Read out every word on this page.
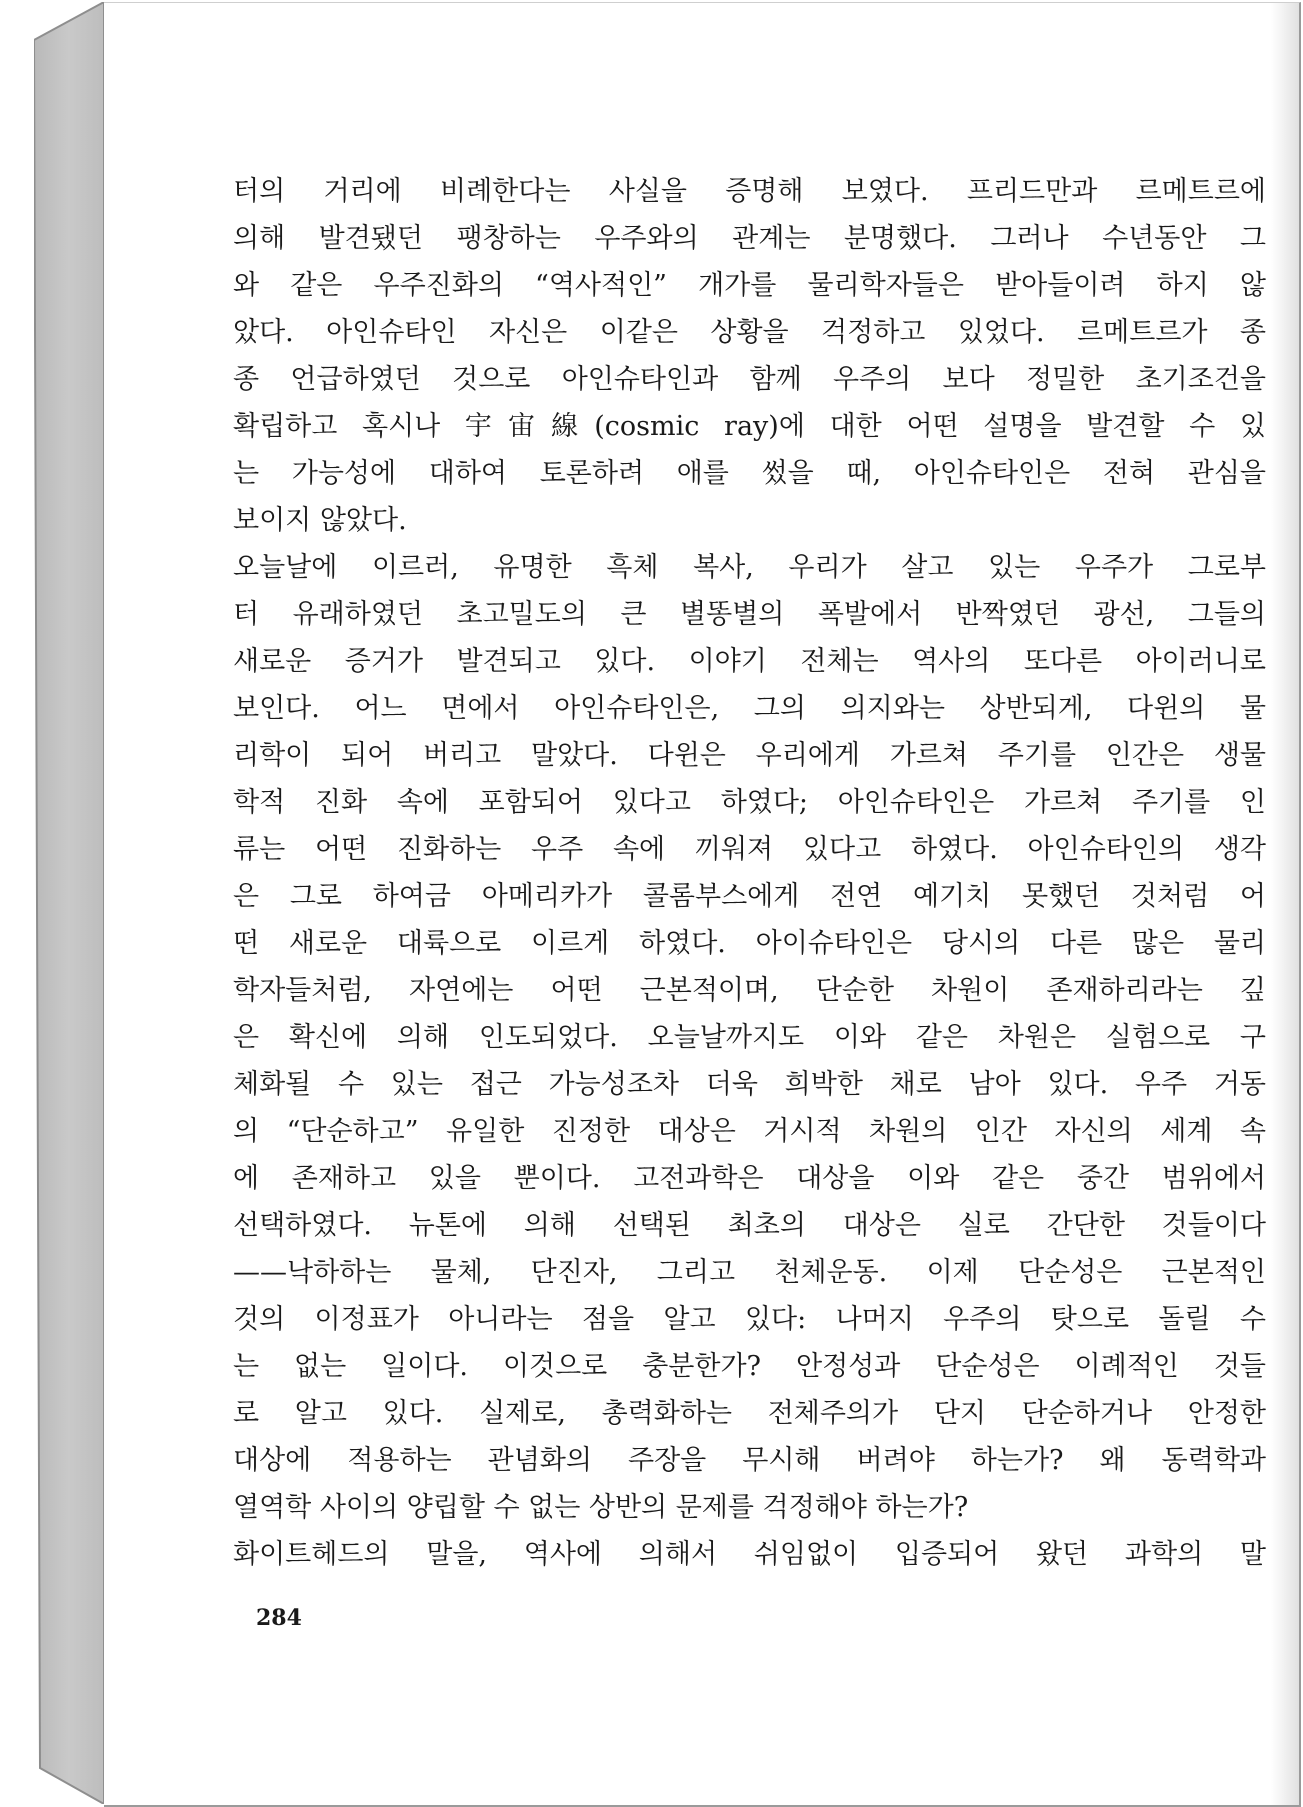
터의 거리에 비례한다는 사실을 증명해 보였다. 프리드만과 르메트르에
의해 발견됐던 팽창하는 우주와의 관계는 분명했다. 그러나 수년동안 그
와 같은 우주진화의 “역사적인” 개가를 물리학자들은 받아들이려 하지 않
았다. 아인슈타인 자신은 이같은 상황을 걱정하고 있었다. 르메트르가 종
종 언급하였던 것으로 아인슈타인과 함께 우주의 보다 정밀한 초기조건을
확립하고 혹시나 宇宙線(cosmic ray)에 대한 어떤 설명을 발견할 수 있
는 가능성에 대하여 토론하려 애를 썼을 때, 아인슈타인은 전혀 관심을
보이지 않았다.
오늘날에 이르러, 유명한 흑체 복사, 우리가 살고 있는 우주가 그로부
터 유래하였던 초고밀도의 큰 별똥별의 폭발에서 반짝였던 광선, 그들의
새로운 증거가 발견되고 있다. 이야기 전체는 역사의 또다른 아이러니로
보인다. 어느 면에서 아인슈타인은, 그의 의지와는 상반되게, 다윈의 물
리학이 되어 버리고 말았다. 다윈은 우리에게 가르쳐 주기를 인간은 생물
학적 진화 속에 포함되어 있다고 하였다; 아인슈타인은 가르쳐 주기를 인
류는 어떤 진화하는 우주 속에 끼워져 있다고 하였다. 아인슈타인의 생각
은 그로 하여금 아메리카가 콜롬부스에게 전연 예기치 못했던 것처럼 어
떤 새로운 대륙으로 이르게 하였다. 아이슈타인은 당시의 다른 많은 물리
학자들처럼, 자연에는 어떤 근본적이며, 단순한 차원이 존재하리라는 깊
은 확신에 의해 인도되었다. 오늘날까지도 이와 같은 차원은 실험으로 구
체화될 수 있는 접근 가능성조차 더욱 희박한 채로 남아 있다. 우주 거동
의 “단순하고” 유일한 진정한 대상은 거시적 차원의 인간 자신의 세계 속
에 존재하고 있을 뿐이다. 고전과학은 대상을 이와 같은 중간 범위에서
선택하였다. 뉴톤에 의해 선택된 최초의 대상은 실로 간단한 것들이다
——낙하하는 물체, 단진자, 그리고 천체운동. 이제 단순성은 근본적인
것의 이정표가 아니라는 점을 알고 있다: 나머지 우주의 탓으로 돌릴 수
는 없는 일이다. 이것으로 충분한가? 안정성과 단순성은 이례적인 것들
로 알고 있다. 실제로, 총력화하는 전체주의가 단지 단순하거나 안정한
대상에 적용하는 관념화의 주장을 무시해 버려야 하는가? 왜 동력학과
열역학 사이의 양립할 수 없는 상반의 문제를 걱정해야 하는가?
화이트헤드의 말을, 역사에 의해서 쉬임없이 입증되어 왔던 과학의 말
284
